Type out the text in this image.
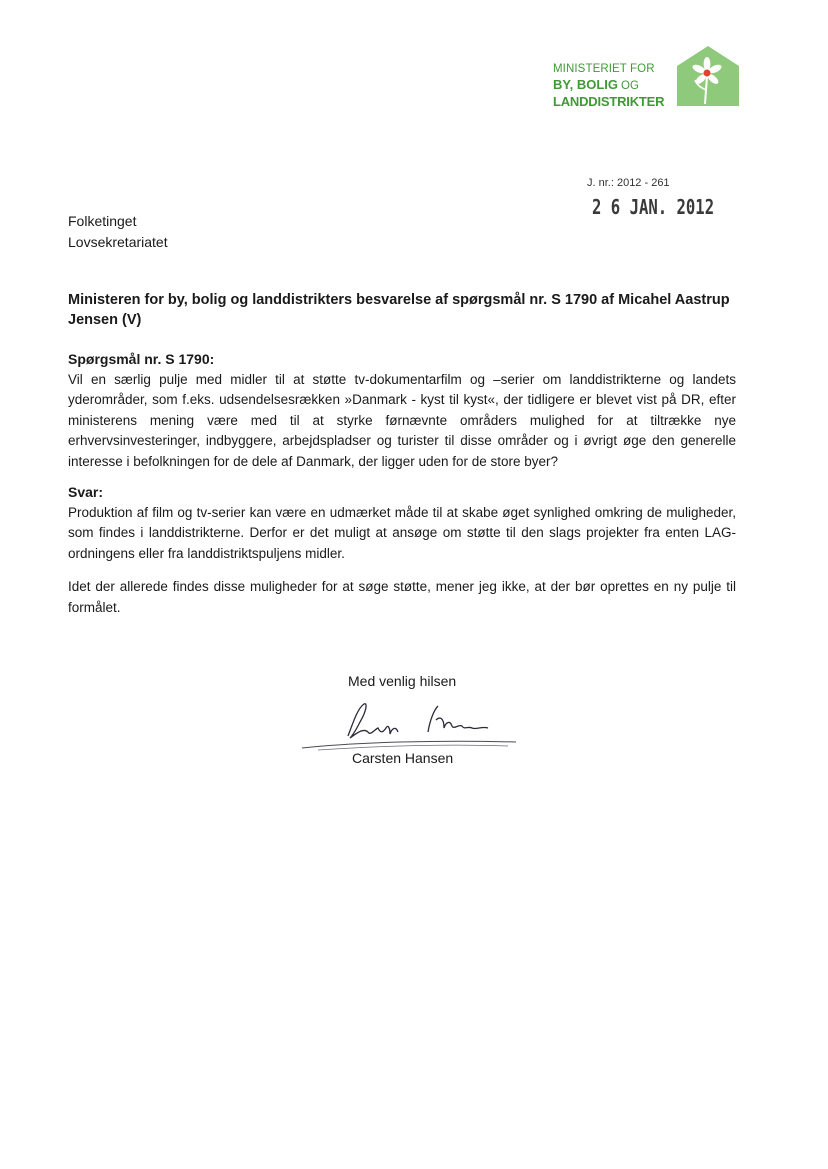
MINISTERIET FOR
BY, BOLIG OG
LANDDISTRIKTER
J. nr.: 2012 - 261
2 6 JAN. 2012
Folketinget
Lovsekretariatet
Ministeren for by, bolig og landdistrikters besvarelse af spørgsmål nr. S 1790 af Micahel Aastrup Jensen (V)
Spørgsmål nr. S 1790:
Vil en særlig pulje med midler til at støtte tv-dokumentarfilm og –serier om landdistrikterne og landets yderområder, som f.eks. udsendelsesrækken »Danmark - kyst til kyst«, der tidligere er blevet vist på DR, efter ministerens mening være med til at styrke førnævnte områders mulighed for at tiltrække nye erhvervsinvesteringer, indbyggere, arbejdspladser og turister til disse områder og i øvrigt øge den generelle interesse i befolkningen for de dele af Danmark, der ligger uden for de store byer?
Svar:
Produktion af film og tv-serier kan være en udmærket måde til at skabe øget synlighed omkring de muligheder, som findes i landdistrikterne. Derfor er det muligt at ansøge om støtte til den slags projekter fra enten LAG-ordningens eller fra landdistriktspuljens midler.
Idet der allerede findes disse muligheder for at søge støtte, mener jeg ikke, at der bør oprettes en ny pulje til formålet.
Med venlig hilsen
Carsten Hansen
